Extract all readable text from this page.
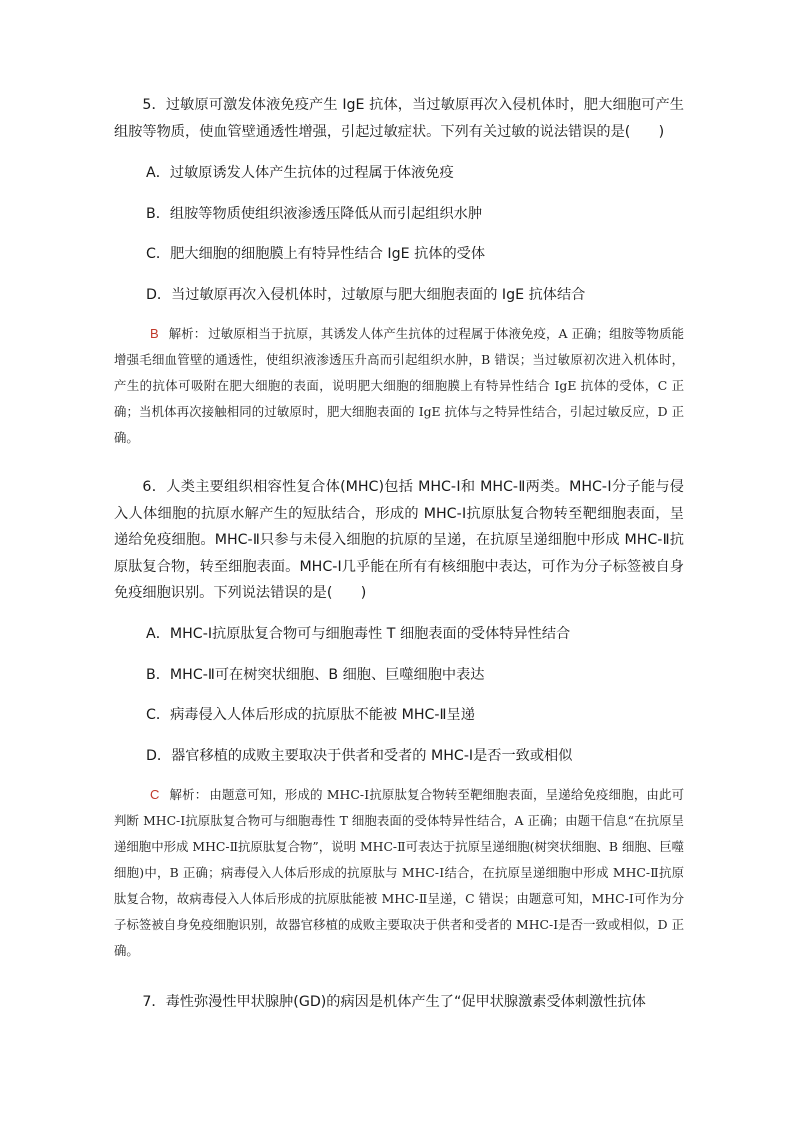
5．过敏原可激发体液免疫产生 IgE 抗体，当过敏原再次入侵机体时，肥大细胞可产生组胺等物质，使血管壁通透性增强，引起过敏症状。下列有关过敏的说法错误的是(　　)

A．过敏原诱发人体产生抗体的过程属于体液免疫

B．组胺等物质使组织液渗透压降低从而引起组织水肿

C．肥大细胞的细胞膜上有特异性结合 IgE 抗体的受体

D．当过敏原再次入侵机体时，过敏原与肥大细胞表面的 IgE 抗体结合

B 解析： 过敏原相当于抗原，其诱发人体产生抗体的过程属于体液免疫，A 正确；组胺等物质能增强毛细血管壁的通透性，使组织液渗透压升高而引起组织水肿，B 错误；当过敏原初次进入机体时，产生的抗体可吸附在肥大细胞的表面，说明肥大细胞的细胞膜上有特异性结合 IgE 抗体的受体，C 正确；当机体再次接触相同的过敏原时，肥大细胞表面的 IgE 抗体与之特异性结合，引起过敏反应，D 正确。

6．人类主要组织相容性复合体(MHC)包括 MHC-Ⅰ和 MHC-Ⅱ两类。MHC-Ⅰ分子能与侵入人体细胞的抗原水解产生的短肽结合，形成的 MHC-Ⅰ抗原肽复合物转至靶细胞表面，呈递给免疫细胞。MHC-Ⅱ只参与未侵入细胞的抗原的呈递，在抗原呈递细胞中形成 MHC-Ⅱ抗原肽复合物，转至细胞表面。MHC-Ⅰ几乎能在所有有核细胞中表达，可作为分子标签被自身免疫细胞识别。下列说法错误的是(　　)

A．MHC-Ⅰ抗原肽复合物可与细胞毒性 T 细胞表面的受体特异性结合

B．MHC-Ⅱ可在树突状细胞、B 细胞、巨噬细胞中表达

C．病毒侵入人体后形成的抗原肽不能被 MHC-Ⅱ呈递

D．器官移植的成败主要取决于供者和受者的 MHC-Ⅰ是否一致或相似

C 解析： 由题意可知，形成的 MHC-Ⅰ抗原肽复合物转至靶细胞表面，呈递给免疫细胞，由此可判断 MHC-Ⅰ抗原肽复合物可与细胞毒性 T 细胞表面的受体特异性结合，A 正确；由题干信息“在抗原呈递细胞中形成 MHC-Ⅱ抗原肽复合物”，说明 MHC-Ⅱ可表达于抗原呈递细胞(树突状细胞、B 细胞、巨噬细胞)中，B 正确；病毒侵入人体后形成的抗原肽与 MHC-Ⅰ结合，在抗原呈递细胞中形成 MHC-Ⅱ抗原肽复合物，故病毒侵入人体后形成的抗原肽能被 MHC-Ⅱ呈递，C 错误；由题意可知，MHC-Ⅰ可作为分子标签被自身免疫细胞识别，故器官移植的成败主要取决于供者和受者的 MHC-Ⅰ是否一致或相似，D 正确。

7．毒性弥漫性甲状腺肿(GD)的病因是机体产生了“促甲状腺激素受体刺激性抗体
